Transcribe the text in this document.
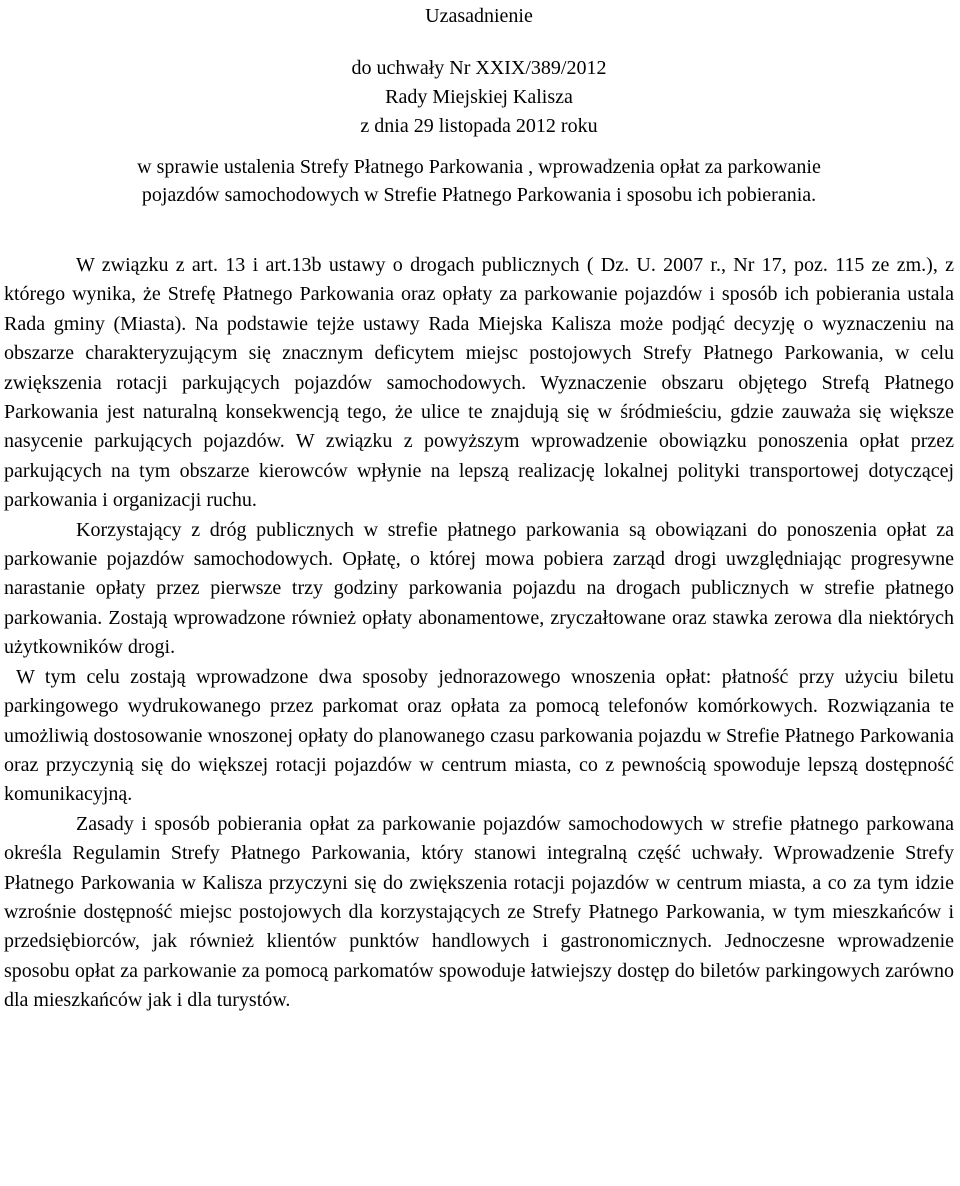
Uzasadnienie
do uchwały Nr XXIX/389/2012
Rady Miejskiej Kalisza
z dnia 29 listopada 2012 roku
w sprawie ustalenia Strefy Płatnego Parkowania , wprowadzenia opłat za parkowanie
pojazdów samochodowych w Strefie Płatnego Parkowania i sposobu ich pobierania.

W związku z art. 13 i art.13b ustawy o drogach publicznych ( Dz. U. 2007 r., Nr 17, poz. 115 ze zm.), z którego wynika, że Strefę Płatnego Parkowania oraz opłaty za parkowanie pojazdów i sposób ich pobierania ustala Rada gminy (Miasta). Na podstawie tejże ustawy Rada Miejska Kalisza może podjąć decyzję o wyznaczeniu na obszarze charakteryzującym się znacznym deficytem miejsc postojowych Strefy Płatnego Parkowania, w celu zwiększenia rotacji parkujących pojazdów samochodowych. Wyznaczenie obszaru objętego Strefą Płatnego Parkowania jest naturalną konsekwencją tego, że ulice te znajdują się w śródmieściu, gdzie zauważa się większe nasycenie parkujących pojazdów. W związku z powyższym wprowadzenie obowiązku ponoszenia opłat przez parkujących na tym obszarze kierowców wpłynie na lepszą realizację lokalnej polityki transportowej dotyczącej parkowania i organizacji ruchu.

Korzystający z dróg publicznych w strefie płatnego parkowania są obowiązani do ponoszenia opłat za parkowanie pojazdów samochodowych. Opłatę, o której mowa pobiera zarząd drogi uwzględniając progresywne narastanie opłaty przez pierwsze trzy godziny parkowania pojazdu na drogach publicznych w strefie płatnego parkowania. Zostają wprowadzone również opłaty abonamentowe, zryczałtowane oraz stawka zerowa dla niektórych użytkowników drogi.

W tym celu zostają wprowadzone dwa sposoby jednorazowego wnoszenia opłat: płatność przy użyciu biletu parkingowego wydrukowanego przez parkomat oraz opłata za pomocą telefonów komórkowych. Rozwiązania te umożliwią dostosowanie wnoszonej opłaty do planowanego czasu parkowania pojazdu w Strefie Płatnego Parkowania oraz przyczynią się do większej rotacji pojazdów w centrum miasta, co z pewnością spowoduje lepszą dostępność komunikacyjną.

Zasady i sposób pobierania opłat za parkowanie pojazdów samochodowych w strefie płatnego parkowana określa Regulamin Strefy Płatnego Parkowania, który stanowi integralną część uchwały. Wprowadzenie Strefy Płatnego Parkowania w Kalisza przyczyni się do zwiększenia rotacji pojazdów w centrum miasta, a co za tym idzie wzrośnie dostępność miejsc postojowych dla korzystających ze Strefy Płatnego Parkowania, w tym mieszkańców i przedsiębiorców, jak również klientów punktów handlowych i gastronomicznych. Jednoczesne wprowadzenie sposobu opłat za parkowanie za pomocą parkomatów spowoduje łatwiejszy dostęp do biletów parkingowych zarówno dla mieszkańców jak i dla turystów.
